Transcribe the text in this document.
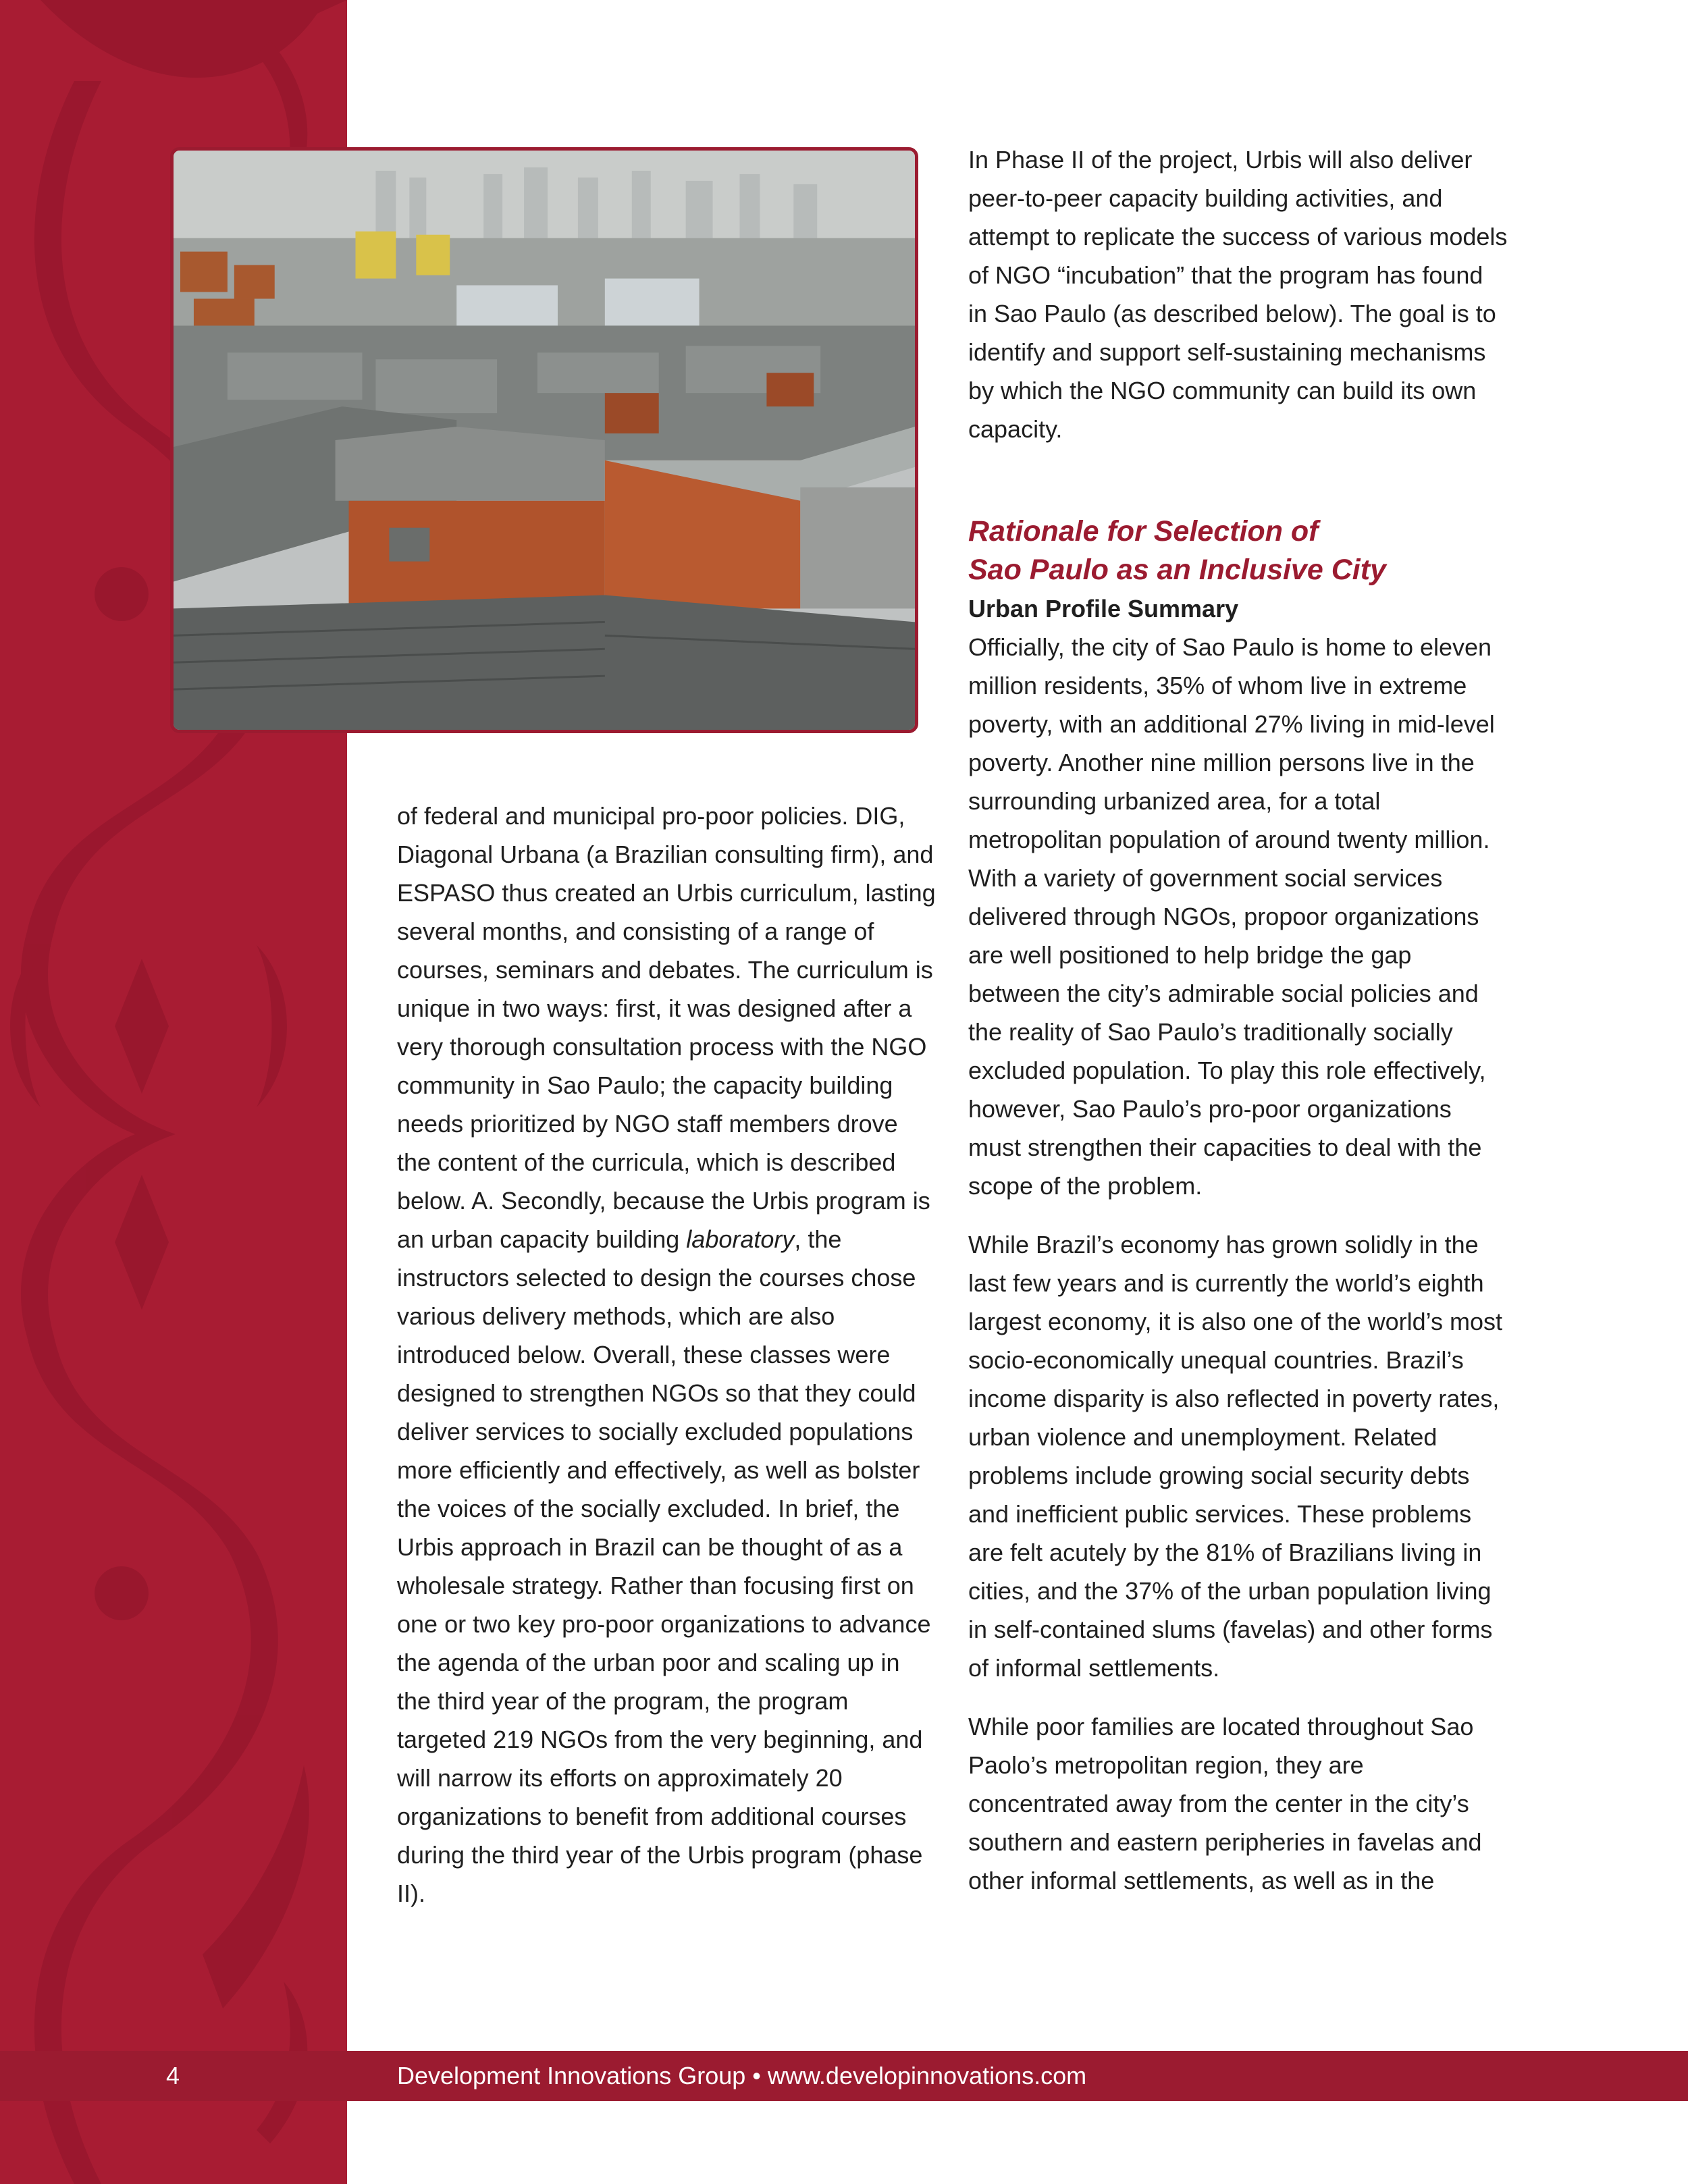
of federal and municipal pro-poor policies. DIG, Diagonal Urbana (a Brazilian consulting firm), and ESPASO thus created an Urbis curriculum, lasting several months, and consisting of a range of courses, seminars and debates. The curriculum is unique in two ways: first, it was designed after a very thorough consultation process with the NGO community in Sao Paulo; the capacity building needs prioritized by NGO staff members drove the content of the curricula, which is described below. A. Secondly, because the Urbis program is an urban capacity building laboratory, the instructors selected to design the courses chose various delivery methods, which are also introduced below. Overall, these classes were designed to strengthen NGOs so that they could deliver services to socially excluded populations more efficiently and effectively, as well as bolster the voices of the socially excluded. In brief, the Urbis approach in Brazil can be thought of as a wholesale strategy. Rather than focusing first on one or two key pro-poor organizations to advance the agenda of the urban poor and scaling up in the third year of the program, the program targeted 219 NGOs from the very beginning, and will narrow its efforts on approximately 20 organizations to benefit from additional courses during the third year of the Urbis program (phase II).

In Phase II of the project, Urbis will also deliver peer-to-peer capacity building activities, and attempt to replicate the success of various models of NGO “incubation” that the program has found in Sao Paulo (as described below). The goal is to identify and support self-sustaining mechanisms by which the NGO community can build its own capacity.

Rationale for Selection of

Sao Paulo as an Inclusive City

Urban Profile Summary

Officially, the city of Sao Paulo is home to eleven million residents, 35% of whom live in extreme poverty, with an additional 27% living in mid-level poverty. Another nine million persons live in the surrounding urbanized area, for a total metropolitan population of around twenty million. With a variety of government social services delivered through NGOs, propoor organizations are well positioned to help bridge the gap between the city’s admirable social policies and the reality of Sao Paulo’s traditionally socially excluded population. To play this role effectively, however, Sao Paulo’s pro-poor organizations must strengthen their capacities to deal with the scope of the problem.

While Brazil’s economy has grown solidly in the last few years and is currently the world’s eighth largest economy, it is also one of the world’s most socio-economically unequal countries. Brazil’s income disparity is also reflected in poverty rates, urban violence and unemployment. Related problems include growing social security debts and inefficient public services. These problems are felt acutely by the 81% of Brazilians living in cities, and the 37% of the urban population living in self-contained slums (favelas) and other forms of informal settlements.

While poor families are located throughout Sao Paolo’s metropolitan region, they are concentrated away from the center in the city’s southern and eastern peripheries in favelas and other informal settlements, as well as in the

4	Development Innovations Group • www.developinnovations.com
